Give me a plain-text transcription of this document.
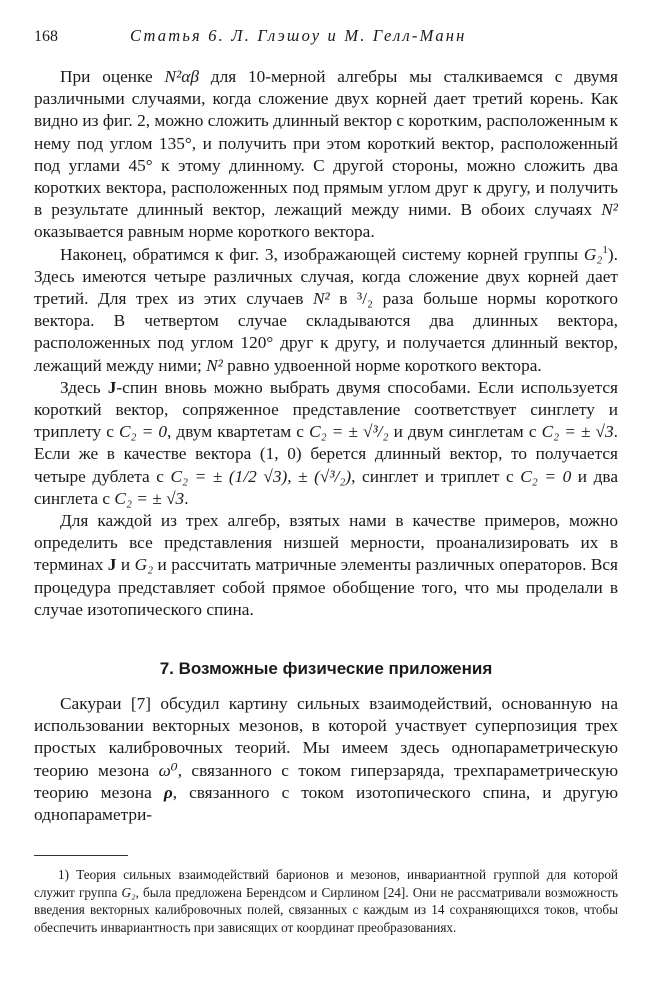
168	Статья 6. Л. Глэшоу и М. Гелл-Манн

При оценке N²αβ для 10-мерной алгебры мы сталкиваемся с двумя различными случаями, когда сложение двух корней дает третий корень. Как видно из фиг. 2, можно сложить длинный вектор с коротким, расположенным к нему под углом 135°, и получить при этом короткий вектор, расположенный под углами 45° к этому длинному. С другой стороны, можно сложить два коротких вектора, расположенных под прямым углом друг к другу, и получить в результате длинный вектор, лежащий между ними. В обоих случаях N² оказывается равным норме короткого вектора.

Наконец, обратимся к фиг. 3, изображающей систему корней группы G₂$^1$). Здесь имеются четыре различных случая, когда сложение двух корней дает третий. Для трех из этих случаев N² в ³/₂ раза больше нормы короткого вектора. В четвертом случае складываются два длинных вектора, расположенных под углом 120° друг к другу, и получается длинный вектор, лежащий между ними; N² равно удвоенной норме короткого вектора.

Здесь J-спин вновь можно выбрать двумя способами. Если используется короткий вектор, сопряженное представление соответствует синглету и триплету с C₂ = 0, двум квартетам с C₂ = ± √³/₂ и двум синглетам с C₂ = ± √3. Если же в качестве вектора (1, 0) берется длинный вектор, то получается четыре дублета с C₂ = ± (1/2 √3), ± (√³/₂), синглет и триплет с C₂ = 0 и два синглета с C₂ = ± √3.

Для каждой из трех алгебр, взятых нами в качестве примеров, можно определить все представления низшей мерности, проанализировать их в терминах J и G₂ и рассчитать матричные элементы различных операторов. Вся процедура представляет собой прямое обобщение того, что мы проделали в случае изотопического спина.

7. Возможные физические приложения

Сакураи [7] обсудил картину сильных взаимодействий, основанную на использовании векторных мезонов, в которой участвует суперпозиция трех простых калибровочных теорий. Мы имеем здесь однопараметрическую теорию мезона ω⁰, связанного с током гиперзаряда, трехпараметрическую теорию мезона ρ, связанного с током изотопического спина, и другую однопараметри-

1) Теория сильных взаимодействий барионов и мезонов, инвариантной группой для которой служит группа G₂, была предложена Берендсом и Сирлином [24]. Они не рассматривали возможность введения векторных калибровочных полей, связанных с каждым из 14 сохраняющихся токов, чтобы обеспечить инвариантность при зависящих от координат преобразованиях.
